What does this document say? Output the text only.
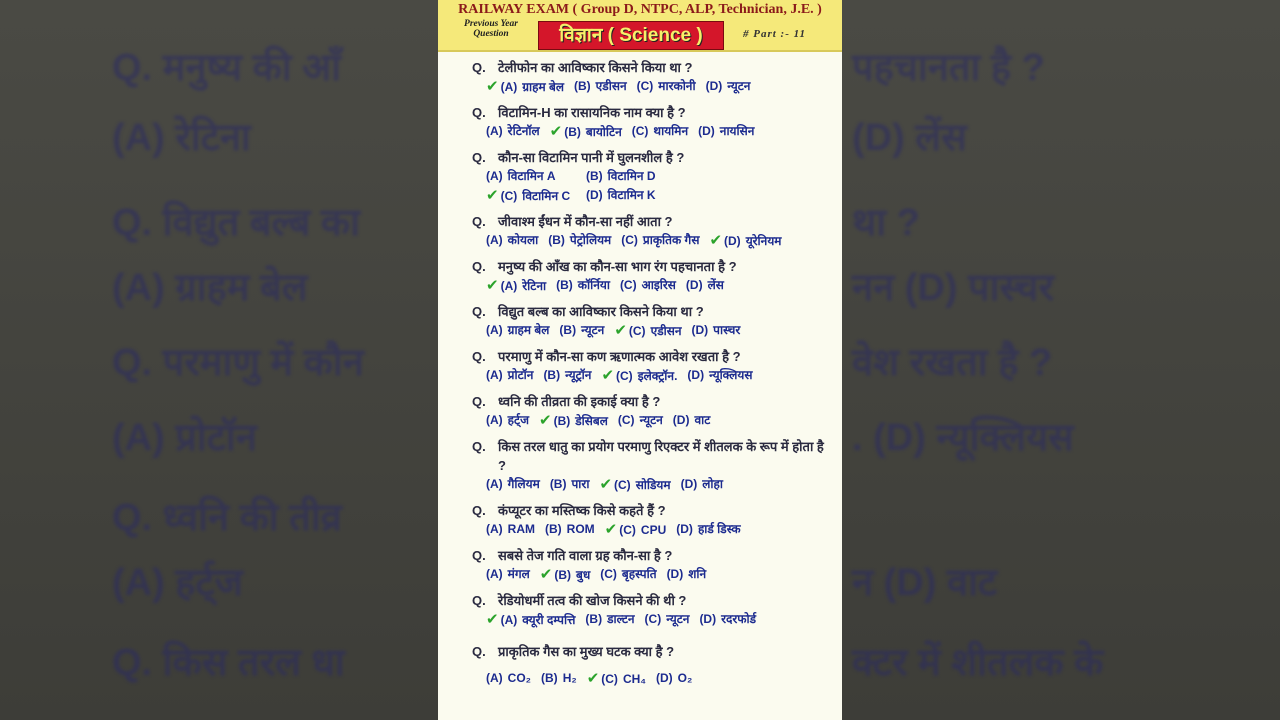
Q. मनुष्य की आँ
(A) रेटिना
Q. विद्युत बल्ब का
(A) ग्राहम बेल
Q. परमाणु में कौन
(A) प्रोटॉन
Q. ध्वनि की तीव्र
(A) हर्ट्ज
Q. किस तरल धा
पहचानता है ?
(D) लेंस
था ?
नन (D) पास्चर
वेश रखता है ?
. (D) न्यूक्लियस
न (D) वाट
क्टर में शीतलक के
RAILWAY EXAM ( Group D, NTPC, ALP, Technician, J.E. )
Previous Year Question	विज्ञान ( Science )	# Part :- 11
Q. टेलीफोन का आविष्कार किसने किया था ?
✔ (A) ग्राहम बेल (B) एडीसन (C) मारकोनी (D) न्यूटन
Q. विटामिन-H का रासायनिक नाम क्या है ?
(A) रेटिनॉल ✔ (B) बायोटिन (C) थायमिन (D) नायसिन
Q. कौन-सा विटामिन पानी में घुलनशील है ?
(A) विटामिन A	(B) विटामिन D
✔ (C) विटामिन C (D) विटामिन K
Q. जीवाश्म ईंधन में कौन-सा नहीं आता ?
(A) कोयला (B) पेट्रोलियम (C) प्राकृतिक गैस ✔ (D) यूरेनियम
Q. मनुष्य की आँख का कौन-सा भाग रंग पहचानता है ?
✔ (A) रेटिना (B) कॉर्निया (C) आइरिस (D) लेंस
Q. विद्युत बल्ब का आविष्कार किसने किया था ?
(A) ग्राहम बेल (B) न्यूटन ✔ (C) एडीसन (D) पास्चर
Q. परमाणु में कौन-सा कण ऋणात्मक आवेश रखता है ?
(A) प्रोटॉन (B) न्यूट्रॉन ✔ (C) इलेक्ट्रॉन. (D) न्यूक्लियस
Q. ध्वनि की तीव्रता की इकाई क्या है ?
(A) हर्ट्ज ✔ (B) डेसिबल (C) न्यूटन (D) वाट
Q. किस तरल धातु का प्रयोग परमाणु रिएक्टर में शीतलक के रूप में होता है ?
(A) गैलियम (B) पारा ✔ (C) सोडियम (D) लोहा
Q. कंप्यूटर का मस्तिष्क किसे कहते हैं ?
(A) RAM (B) ROM ✔ (C) CPU (D) हार्ड डिस्क
Q. सबसे तेज गति वाला ग्रह कौन-सा है ?
(A) मंगल ✔ (B) बुध (C) बृहस्पति (D) शनि
Q. रेडियोधर्मी तत्व की खोज किसने की थी ?
✔ (A) क्यूरी दम्पत्ति (B) डाल्टन (C) न्यूटन (D) रदरफोर्ड
Q. प्राकृतिक गैस का मुख्य घटक क्या है ?
(A) CO₂ (B) H₂ ✔ (C) CH₄ (D) O₂
